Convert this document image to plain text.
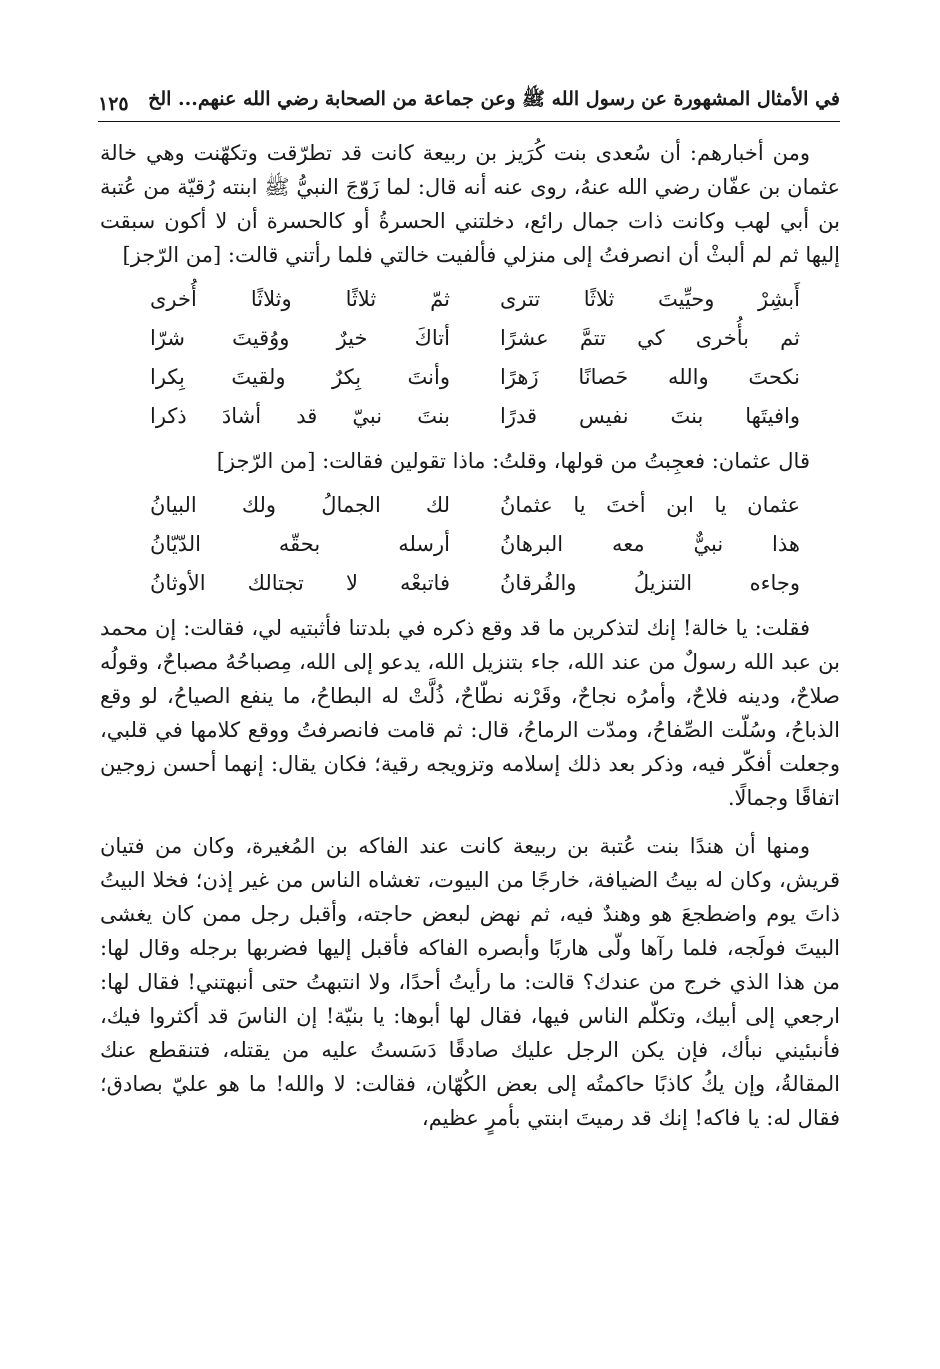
في الأمثال المشهورة عن رسول الله ﷺ وعن جماعة من الصحابة رضي الله عنهم... الخ
١٢٥

ومن أخبارهم: أن سُعدى بنت كُرَيز بن ربيعة كانت قد تطرّقت وتكهّنت وهي خالة عثمان بن عفّان رضي الله عنهُ، روى عنه أنه قال: لما زَوّجَ النبيُّ ﷺ ابنته رُقيّة من عُتبة بن أبي لهب وكانت ذات جمال رائع، دخلتني الحسرةُ أو كالحسرة أن لا أكون سبقت إليها ثم لم ألبثْ أن انصرفتُ إلى منزلي فألفيت خالتي فلما رأتني قالت: [من الرّجز]

أَبشِرْ وحيِّيتَ ثلاثًا تترى
ثمّ ثلاثًا وثلاثًا أُخرى
ثم بأُخرى كي تتمَّ عشرًا
أتاكَ خيرٌ ووُقيتَ شرّا
نكحتَ والله حَصانًا زَهرًا
وأنتَ بِكرٌ ولقيتَ بِكرا
وافيتَها بنتَ نفيس قدرًا
بنتَ نبيّ قد أشادَ ذكرا

قال عثمان: فعجِبتُ من قولها، وقلتُ: ماذا تقولين فقالت: [من الرّجز]

عثمان يا ابن أختَ يا عثمانُ
لك الجمالُ ولك البيانُ
هذا نبيٌّ معه البرهانُ
أرسله بحقّه الدّيّانُ
وجاءه التنزيلُ والفُرقانُ
فاتبعْه لا تجتالك الأوثانُ

فقلت: يا خالة! إنك لتذكرين ما قد وقع ذكره في بلدتنا فأثبتيه لي، فقالت: إن محمد بن عبد الله رسولٌ من عند الله، جاء بتنزيل الله، يدعو إلى الله، مِصباحُهُ مصباحٌ، وقولُه صلاحٌ، ودينه فلاحٌ، وأمرُه نجاحٌ، وقَرْنه نطّاحٌ، ذُلَّتْ له البطاحُ، ما ينفع الصياحُ، لو وقع الذباحُ، وسُلّت الصِّفاحُ، ومدّت الرماحُ، قال: ثم قامت فانصرفتُ ووقع كلامها في قلبي، وجعلت أفكّر فيه، وذكر بعد ذلك إسلامه وتزويجه رقية؛ فكان يقال: إنهما أحسن زوجين اتفاقًا وجمالًا.

ومنها أن هندًا بنت عُتبة بن ربيعة كانت عند الفاكه بن المُغيرة، وكان من فتيان قريش، وكان له بيتُ الضيافة، خارجًا من البيوت، تغشاه الناس من غير إذن؛ فخلا البيتُ ذاتَ يوم واضطجعَ هو وهندٌ فيه، ثم نهض لبعض حاجته، وأقبل رجل ممن كان يغشى البيتَ فولَجه، فلما رآها ولّى هاربًا وأبصره الفاكه فأقبل إليها فضربها برجله وقال لها: من هذا الذي خرج من عندك؟ قالت: ما رأيتُ أحدًا، ولا انتبهتُ حتى أنبهتني! فقال لها: ارجعي إلى أبيك، وتكلّم الناس فيها، فقال لها أبوها: يا بنيّة! إن الناسَ قد أكثروا فيك، فأنبئيني نبأك، فإن يكن الرجل عليك صادقًا دَسَستُ عليه من يقتله، فتنقطع عنك المقالةُ، وإن يكُ كاذبًا حاكمتُه إلى بعض الكُهّان، فقالت: لا والله! ما هو عليّ بصادق؛ فقال له: يا فاكه! إنك قد رميتَ ابنتي بأمرٍ عظيم،
